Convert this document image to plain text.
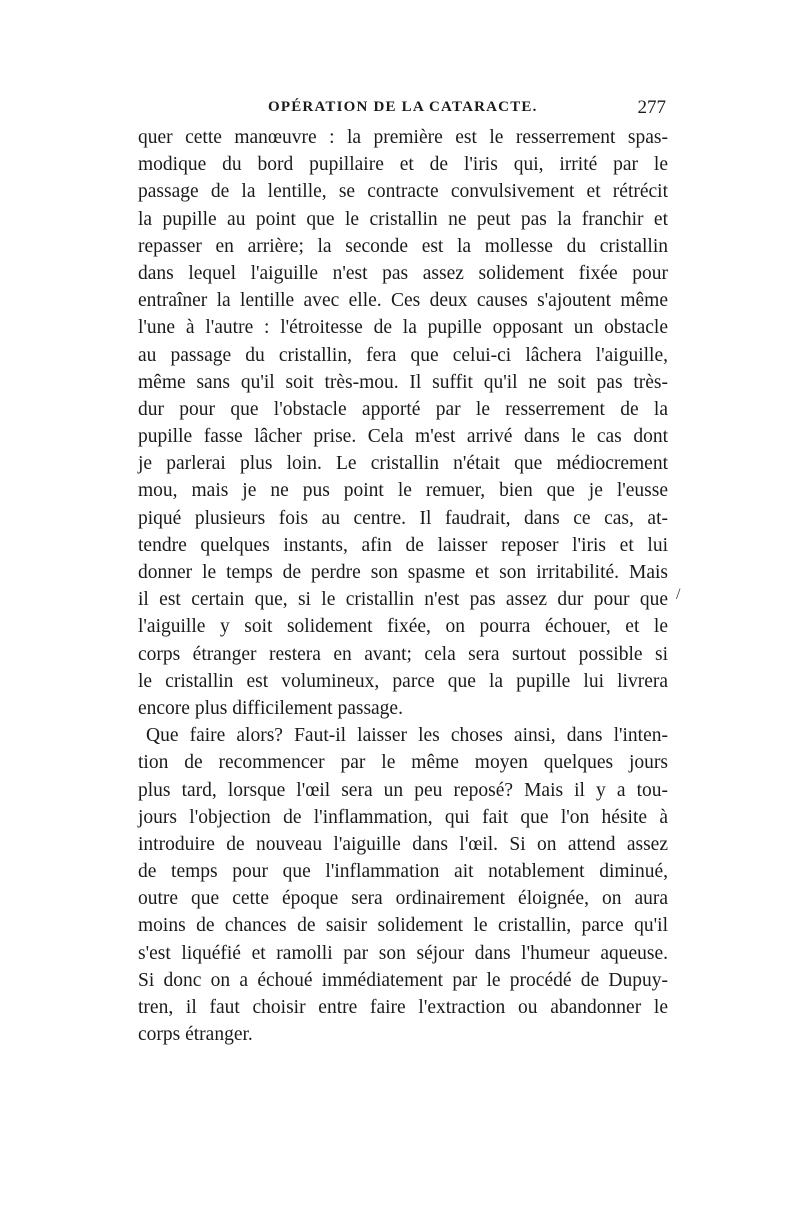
OPÉRATION DE LA CATARACTE.	277
quer cette manœuvre : la première est le resserrement spas-
modique du bord pupillaire et de l'iris qui, irrité par le
passage de la lentille, se contracte convulsivement et rétrécit
la pupille au point que le cristallin ne peut pas la franchir et
repasser en arrière; la seconde est la mollesse du cristallin
dans lequel l'aiguille n'est pas assez solidement fixée pour
entraîner la lentille avec elle. Ces deux causes s'ajoutent même
l'une à l'autre : l'étroitesse de la pupille opposant un obstacle
au passage du cristallin, fera que celui-ci lâchera l'aiguille,
même sans qu'il soit très-mou. Il suffit qu'il ne soit pas très-
dur pour que l'obstacle apporté par le resserrement de la
pupille fasse lâcher prise. Cela m'est arrivé dans le cas dont
je parlerai plus loin. Le cristallin n'était que médiocrement
mou, mais je ne pus point le remuer, bien que je l'eusse
piqué plusieurs fois au centre. Il faudrait, dans ce cas, at-
tendre quelques instants, afin de laisser reposer l'iris et lui
donner le temps de perdre son spasme et son irritabilité. Mais
il est certain que, si le cristallin n'est pas assez dur pour que
l'aiguille y soit solidement fixée, on pourra échouer, et le
corps étranger restera en avant; cela sera surtout possible si
le cristallin est volumineux, parce que la pupille lui livrera
encore plus difficilement passage.
Que faire alors? Faut-il laisser les choses ainsi, dans l'inten-
tion de recommencer par le même moyen quelques jours
plus tard, lorsque l'œil sera un peu reposé? Mais il y a tou-
jours l'objection de l'inflammation, qui fait que l'on hésite à
introduire de nouveau l'aiguille dans l'œil. Si on attend assez
de temps pour que l'inflammation ait notablement diminué,
outre que cette époque sera ordinairement éloignée, on aura
moins de chances de saisir solidement le cristallin, parce qu'il
s'est liquéfié et ramolli par son séjour dans l'humeur aqueuse.
Si donc on a échoué immédiatement par le procédé de Dupuy-
tren, il faut choisir entre faire l'extraction ou abandonner le
corps étranger.
/
